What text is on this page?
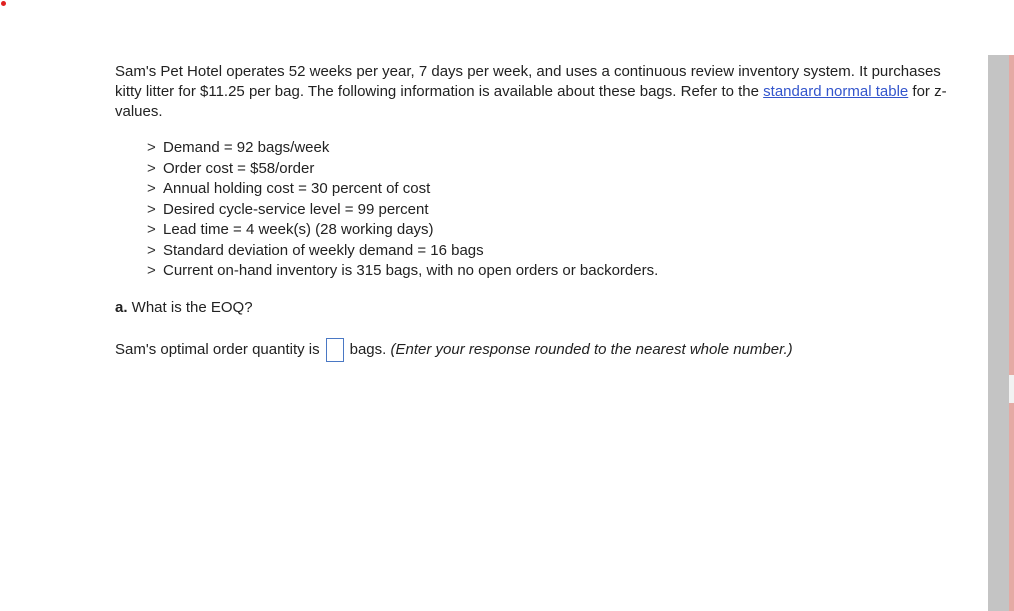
Sam's Pet Hotel operates 52 weeks per year, 7 days per week, and uses a continuous review inventory system. It purchases kitty litter for $11.25 per bag. The following information is available about these bags. Refer to the standard normal table for z-values.

> Demand = 92 bags/week
> Order cost = $58/order
> Annual holding cost = 30 percent of cost
> Desired cycle-service level = 99 percent
> Lead time = 4 week(s) (28 working days)
> Standard deviation of weekly demand = 16 bags
> Current on-hand inventory is 315 bags, with no open orders or backorders.

a. What is the EOQ?

Sam's optimal order quantity is bags.
(Enter your response rounded to the nearest whole number.)
